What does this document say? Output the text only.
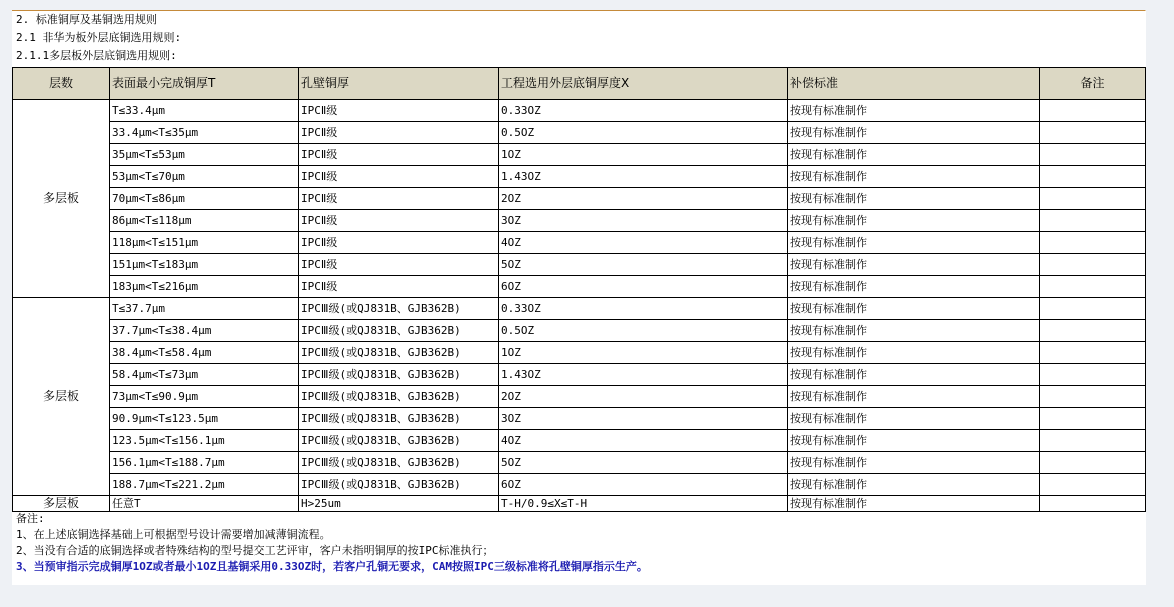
2. 标准铜厚及基铜选用规则
2.1 非华为板外层底铜选用规则:
2.1.1多层板外层底铜选用规则:
层数	表面最小完成铜厚T	孔壁铜厚	工程选用外层底铜厚度X	补偿标准	备注
多层板	T≤33.4μm	IPCⅡ级	0.33OZ	按现有标准制作	
	33.4μm<T≤35μm	IPCⅡ级	0.5OZ	按现有标准制作	
	35μm<T≤53μm	IPCⅡ级	1OZ	按现有标准制作	
	53μm<T≤70μm	IPCⅡ级	1.43OZ	按现有标准制作	
	70μm<T≤86μm	IPCⅡ级	2OZ	按现有标准制作	
	86μm<T≤118μm	IPCⅡ级	3OZ	按现有标准制作	
	118μm<T≤151μm	IPCⅡ级	4OZ	按现有标准制作	
	151μm<T≤183μm	IPCⅡ级	5OZ	按现有标准制作	
	183μm<T≤216μm	IPCⅡ级	6OZ	按现有标准制作	
多层板	T≤37.7μm	IPCⅢ级(或QJ831B、GJB362B)	0.33OZ	按现有标准制作	
	37.7μm<T≤38.4μm	IPCⅢ级(或QJ831B、GJB362B)	0.5OZ	按现有标准制作	
	38.4μm<T≤58.4μm	IPCⅢ级(或QJ831B、GJB362B)	1OZ	按现有标准制作	
	58.4μm<T≤73μm	IPCⅢ级(或QJ831B、GJB362B)	1.43OZ	按现有标准制作	
	73μm<T≤90.9μm	IPCⅢ级(或QJ831B、GJB362B)	2OZ	按现有标准制作	
	90.9μm<T≤123.5μm	IPCⅢ级(或QJ831B、GJB362B)	3OZ	按现有标准制作	
	123.5μm<T≤156.1μm	IPCⅢ级(或QJ831B、GJB362B)	4OZ	按现有标准制作	
	156.1μm<T≤188.7μm	IPCⅢ级(或QJ831B、GJB362B)	5OZ	按现有标准制作	
	188.7μm<T≤221.2μm	IPCⅢ级(或QJ831B、GJB362B)	6OZ	按现有标准制作	
多层板	任意T	H>25um	T-H/0.9≤X≤T-H	按现有标准制作	
备注:
1、在上述底铜选择基础上可根据型号设计需要增加减薄铜流程。
2、当没有合适的底铜选择或者特殊结构的型号提交工艺评审，客户未指明铜厚的按IPC标准执行；
3、当预审指示完成铜厚1OZ或者最小1OZ且基铜采用0.33OZ时，若客户孔铜无要求，CAM按照IPC三级标准将孔壁铜厚指示生产。
